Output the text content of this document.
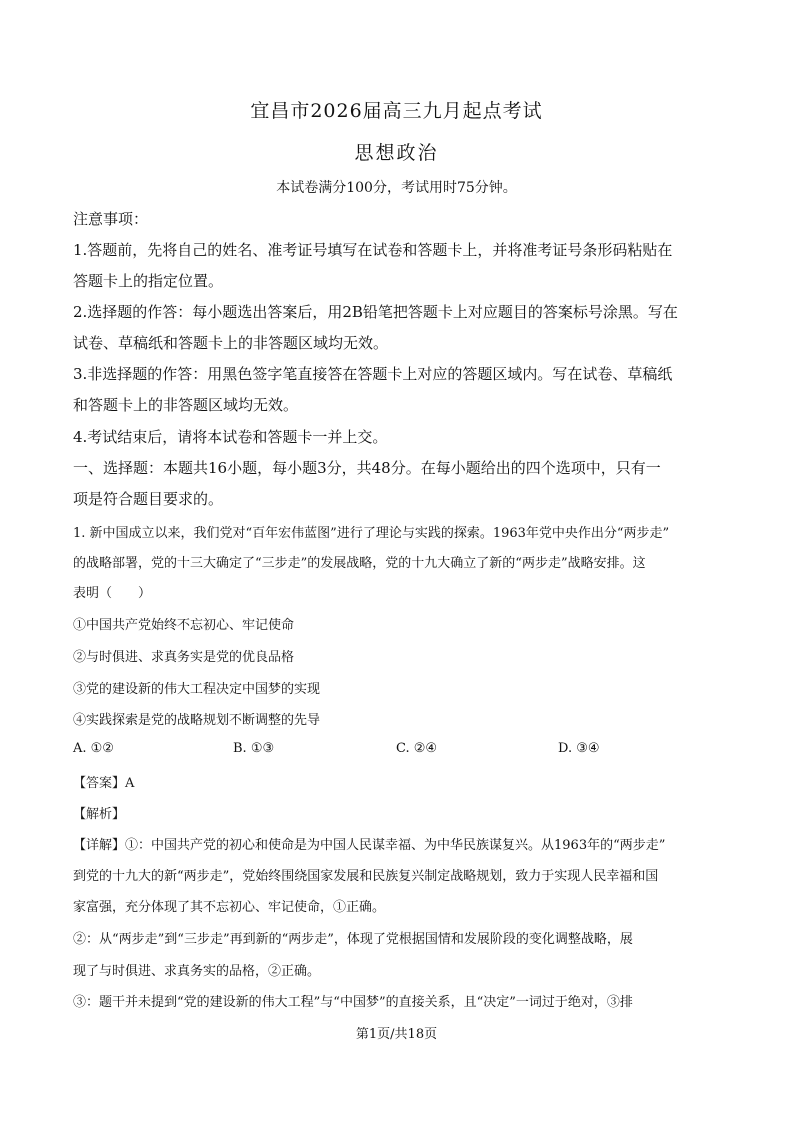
宜昌市2026届高三九月起点考试
思想政治
本试卷满分100分，考试用时75分钟。
注意事项：
1.答题前，先将自己的姓名、准考证号填写在试卷和答题卡上，并将准考证号条形码粘贴在
答题卡上的指定位置。
2.选择题的作答：每小题选出答案后，用2B铅笔把答题卡上对应题目的答案标号涂黑。写在
试卷、草稿纸和答题卡上的非答题区域均无效。
3.非选择题的作答：用黑色签字笔直接答在答题卡上对应的答题区域内。写在试卷、草稿纸
和答题卡上的非答题区域均无效。
4.考试结束后，请将本试卷和答题卡一并上交。
一、选择题：本题共16小题，每小题3分，共48分。在每小题给出的四个选项中，只有一
项是符合题目要求的。
1. 新中国成立以来，我们党对“百年宏伟蓝图”进行了理论与实践的探索。1963年党中央作出分“两步走”
的战略部署，党的十三大确定了“三步走”的发展战略，党的十九大确立了新的“两步走”战略安排。这
表明（　　）
①中国共产党始终不忘初心、牢记使命
②与时俱进、求真务实是党的优良品格
③党的建设新的伟大工程决定中国梦的实现
④实践探索是党的战略规划不断调整的先导
A. ①②	B. ①③	C. ②④	D. ③④
【答案】A
【解析】
【详解】①：中国共产党的初心和使命是为中国人民谋幸福、为中华民族谋复兴。从1963年的“两步走”
到党的十九大的新“两步走”，党始终围绕国家发展和民族复兴制定战略规划，致力于实现人民幸福和国
家富强，充分体现了其不忘初心、牢记使命，①正确。
②：从“两步走”到“三步走”再到新的“两步走”，体现了党根据国情和发展阶段的变化调整战略，展
现了与时俱进、求真务实的品格，②正确。
③：题干并未提到“党的建设新的伟大工程”与“中国梦”的直接关系，且“决定”一词过于绝对，③排
第1页/共18页
